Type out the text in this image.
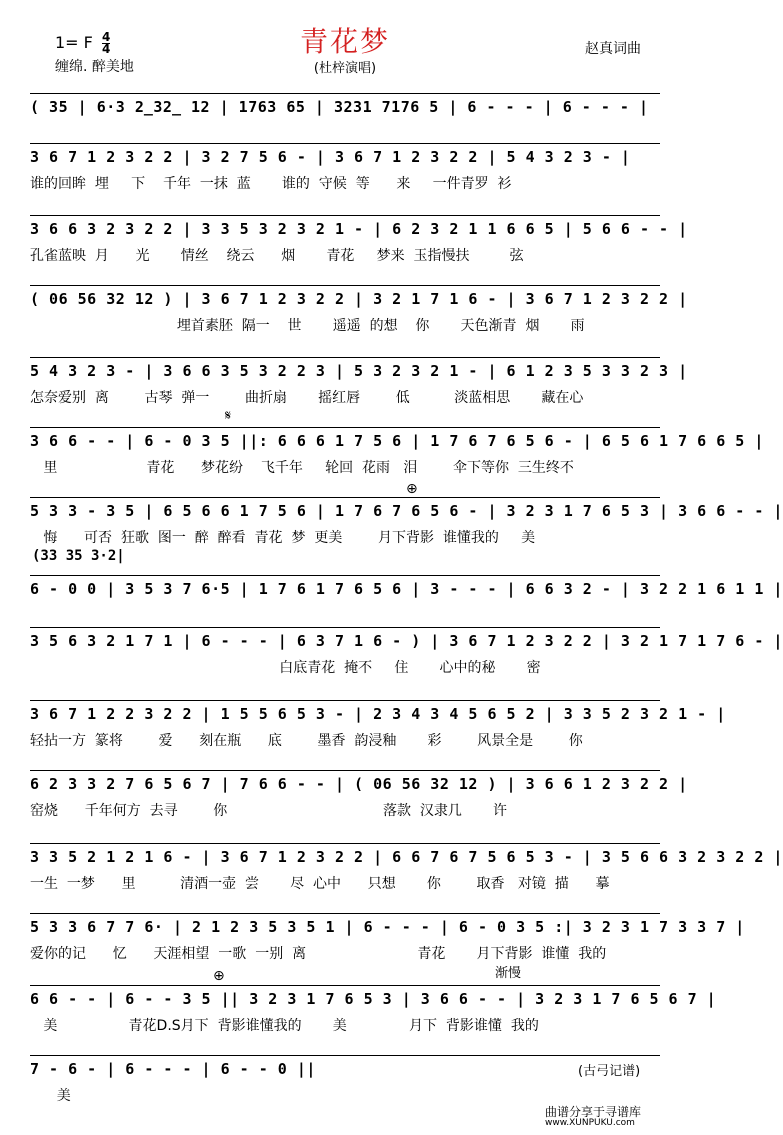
1= F $\frac{4}{4}$
缠绵. 醉美地
青花梦
(杜梓演唱)
赵真词曲
( 35 | 6·3 2̲32̲ 12 | 1763 65 | 3231 7176 5 | 6 - - - | 6 - - - |
3 6 7 1 2 3 2 2 | 3 2 7 5 6 - | 3 6 7 1 2 3 2 2 | 5 4 3 2 3 - |
谁的回眸  埋     下    千年  一抹  蓝       谁的  守候  等      来     一件青罗  衫
3 6 6 3 2 3 2 2 | 3 3 5 3 2 3 2 1 - | 6 2 3 2 1 1 6 6 5 | 5 6 6 - - |
孔雀蓝映  月      光       情丝    绕云      烟       青花     梦来  玉指慢扶         弦
( 06 56 32 12 ) | 3 6 7 1 2 3 2 2 | 3 2 1 7 1 6 - | 3 6 7 1 2 3 2 2 |
埋首素胚  隔一    世       遥遥  的想    你       天色渐青  烟       雨
5 4 3 2 3 - | 3 6 6 3 5 3 2 2 3 | 5 3 2 3 2 1 - | 6 1 2 3 5 3 3 2 3 |
怎奈爱别  离        古琴  弹一        曲折扇       摇红唇        低          淡蓝相思       藏在心
3 6 6 - - | 6 - 0 3 5 ||: 6 6 6 1 7 5 6 | 1 7 6 7 6 5 6 - | 6 5 6 1 7 6 6 5 |
里                    青花      梦花纷    飞千年     轮回  花雨   泪        伞下等你  三生终不
5 3 3 - 3 5 | 6 5 6 6 1 7 5 6 | 1 7 6 7 6 5 6 - | 3 2 3 1 7 6 5 3 | 3 6 6 - - |
悔      可否  狂歌  图一  醉  醉看  青花  梦  更美        月下背影  谁懂我的     美
6 - 0 0 | 3 5 3 7 6·5 | 1 7 6 1 7 6 5 6 | 3 - - - | 6 6 3 2 - | 3 2 2 1 6 1 1 |
3 5 6 3 2 1 7 1 | 6 - - - | 6 3 7 1 6 - ) | 3 6 7 1 2 3 2 2 | 3 2 1 7 1 7 6 - |
白底青花  掩不     住       心中的秘       密
3 6 7 1 2 2 3 2 2 | 1 5 5 6 5 3 - | 2 3 4 3 4 5 6 5 2 | 3 3 5 2 3 2 1 - |
轻拈一方  篆将        爱      刻在瓶      底        墨香  韵浸釉       彩        风景全是        你
6 2 3 3 2 7 6 5 6 7 | 7 6 6 - - | ( 06 56 32 12 ) | 3 6 6 1 2 3 2 2 |
窑烧      千年何方  去寻        你                                   落款  汉隶几       许
3 3 5 2 1 2 1 6 - | 3 6 7 1 2 3 2 2 | 6 6 7 6 7 5 6 5 3 - | 3 5 6 6 3 2 3 2 2 |
一生  一梦      里          清酒一壶  尝       尽  心中      只想       你        取香   对镜  描      摹
5 3 3 6 7 7 6· | 2 1 2 3 5 3 5 1 | 6 - - - | 6 - 0 3 5 :| 3 2 3 1 7 3 3 7 |
爱你的记      忆      天涯相望  一歌  一别  离                         青花       月下背影  谁懂  我的
6 6 - - | 6 - - 3 5 || 3 2 3 1 7 6 5 3 | 3 6 6 - - | 3 2 3 1 7 6 5 6 7 |
美                青花D.S月下  背影谁懂我的       美              月下  背影谁懂  我的
7 - 6 - | 6 - - - | 6 - - 0 ||
美
(33 35 3·2|
𝄋
⊕
⊕	渐慢
(古弓记谱)
曲谱分享于寻谱库
www.XUNPUKU.com
